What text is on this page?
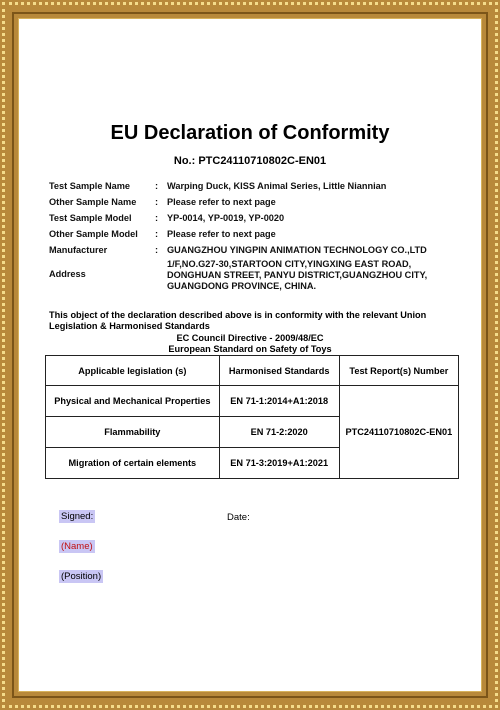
EU Declaration of Conformity
No.: PTC24110710802C-EN01
Test Sample Name	: Warping Duck, KISS Animal Series, Little Niannian
Other Sample Name	: Please refer to next page
Test Sample Model	: YP-0014, YP-0019, YP-0020
Other Sample Model	: Please refer to next page
Manufacturer	: GUANGZHOU YINGPIN ANIMATION TECHNOLOGY CO.,LTD
Address
1/F,NO.G27-30,STARTOON CITY,YINGXING EAST ROAD, DONGHUAN STREET, PANYU DISTRICT,GUANGZHOU CITY, GUANGDONG PROVINCE, CHINA.
This object of the declaration described above is in conformity with the relevant Union Legislation & Harmonised Standards
EC Council Directive - 2009/48/EC
European Standard on Safety of Toys
Applicable legislation (s)	Harmonised Standards	Test Report(s) Number
Physical and Mechanical Properties	EN 71-1:2014+A1:2018	PTC24110710802C-EN01
Flammability	EN 71-2:2020	
Migration of certain elements	EN 71-3:2019+A1:2021	
Signed:	Date:
(Name)
(Position)
